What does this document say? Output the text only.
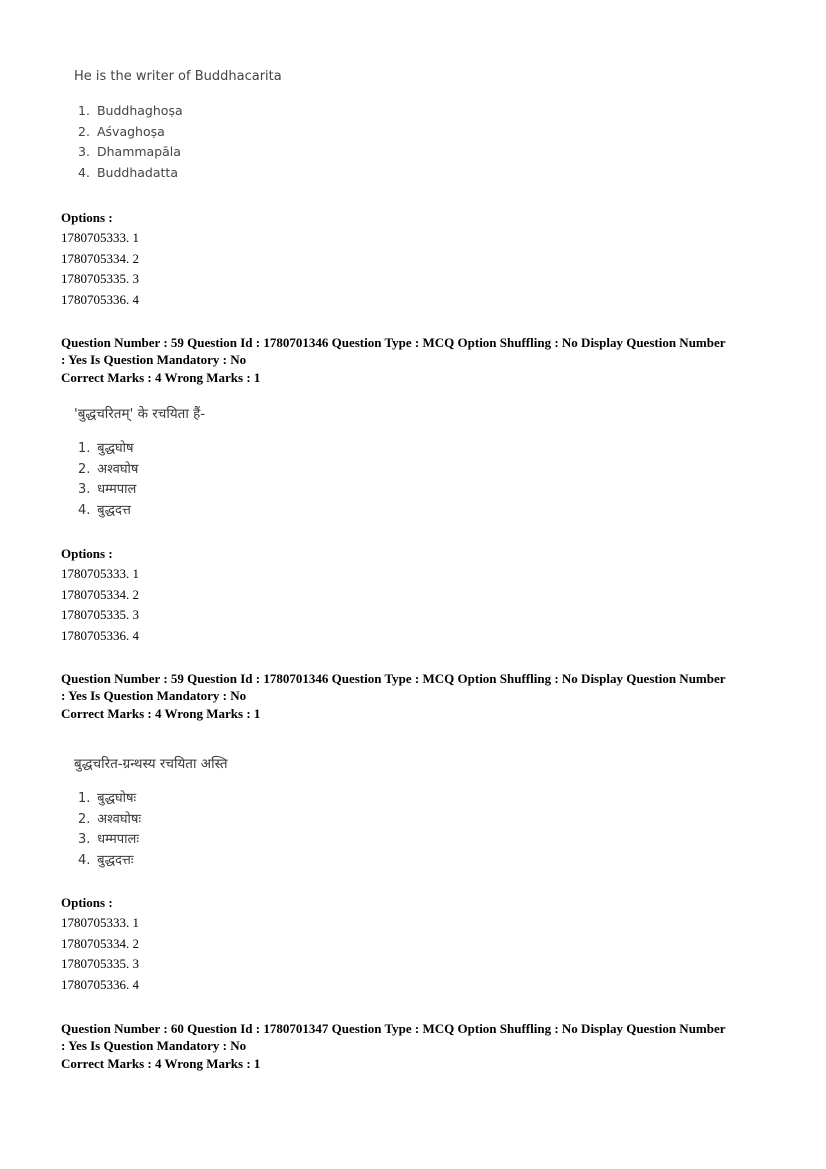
He is the writer of Buddhacarita
1. Buddhaghoṣa
2. Aśvaghoṣa
3. Dhammapāla
4. Buddhadatta
Options :
1780705333. 1
1780705334. 2
1780705335. 3
1780705336. 4
Question Number : 59 Question Id : 1780701346 Question Type : MCQ Option Shuffling : No Display Question Number
: Yes Is Question Mandatory : No
Correct Marks : 4 Wrong Marks : 1
'बुद्धचरितम्' के रचयिता हैं-
1. बुद्धघोष
2. अश्वघोष
3. धम्मपाल
4. बुद्धदत्त
Options :
1780705333. 1
1780705334. 2
1780705335. 3
1780705336. 4
Question Number : 59 Question Id : 1780701346 Question Type : MCQ Option Shuffling : No Display Question Number
: Yes Is Question Mandatory : No
Correct Marks : 4 Wrong Marks : 1
बुद्धचरित-ग्रन्थस्य रचयिता अस्ति
1. बुद्धघोषः
2. अश्वघोषः
3. धम्मपालः
4. बुद्धदत्तः
Options :
1780705333. 1
1780705334. 2
1780705335. 3
1780705336. 4
Question Number : 60 Question Id : 1780701347 Question Type : MCQ Option Shuffling : No Display Question Number
: Yes Is Question Mandatory : No
Correct Marks : 4 Wrong Marks : 1
